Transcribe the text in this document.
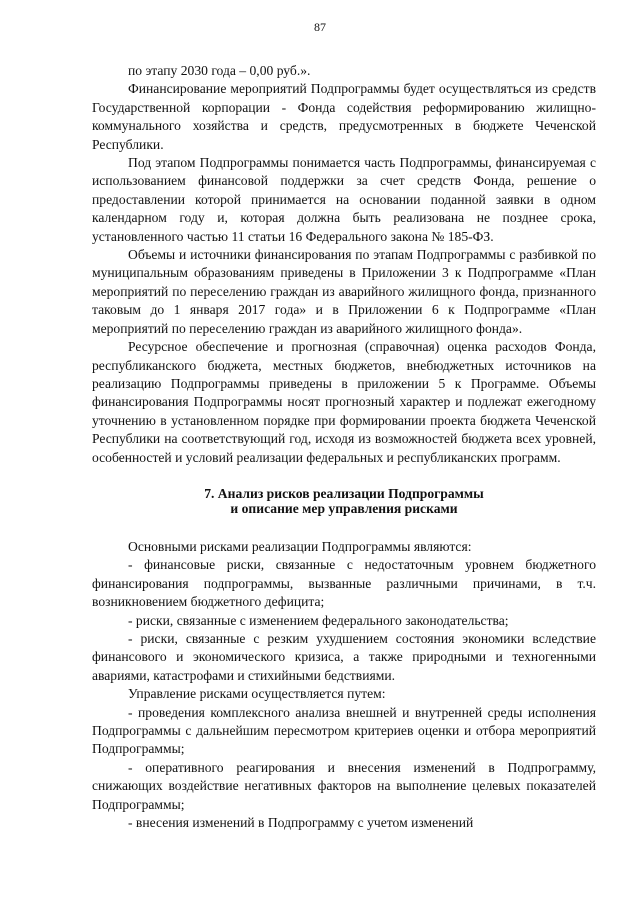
87

по этапу 2030 года – 0,00 руб.».

Финансирование мероприятий Подпрограммы будет осуществляться из средств Государственной корпорации - Фонда содействия реформированию жилищно-коммунального хозяйства и средств, предусмотренных в бюджете Чеченской Республики.

Под этапом Подпрограммы понимается часть Подпрограммы, финансируемая с использованием финансовой поддержки за счет средств Фонда, решение о предоставлении которой принимается на основании поданной заявки в одном календарном году и, которая должна быть реализована не позднее срока, установленного частью 11 статьи 16 Федерального закона № 185-ФЗ.

Объемы и источники финансирования по этапам Подпрограммы с разбивкой по муниципальным образованиям приведены в Приложении 3 к Подпрограмме «План мероприятий по переселению граждан из аварийного жилищного фонда, признанного таковым до 1 января 2017 года» и в Приложении 6 к Подпрограмме «План мероприятий по переселению граждан из аварийного жилищного фонда».

Ресурсное обеспечение и прогнозная (справочная) оценка расходов Фонда, республиканского бюджета, местных бюджетов, внебюджетных источников на реализацию Подпрограммы приведены в приложении 5 к Программе. Объемы финансирования Подпрограммы носят прогнозный характер и подлежат ежегодному уточнению в установленном порядке при формировании проекта бюджета Чеченской Республики на соответствующий год, исходя из возможностей бюджета всех уровней, особенностей и условий реализации федеральных и республиканских программ.

7. Анализ рисков реализации Подпрограммы
и описание мер управления рисками

Основными рисками реализации Подпрограммы являются:

- финансовые риски, связанные с недостаточным уровнем бюджетного финансирования подпрограммы, вызванные различными причинами, в т.ч. возникновением бюджетного дефицита;

- риски, связанные с изменением федерального законодательства;

- риски, связанные с резким ухудшением состояния экономики вследствие финансового и экономического кризиса, а также природными и техногенными авариями, катастрофами и стихийными бедствиями.

Управление рисками осуществляется путем:

- проведения комплексного анализа внешней и внутренней среды исполнения Подпрограммы с дальнейшим пересмотром критериев оценки и отбора мероприятий Подпрограммы;

- оперативного реагирования и внесения изменений в Подпрограмму, снижающих воздействие негативных факторов на выполнение целевых показателей Подпрограммы;

- внесения изменений в Подпрограмму с учетом изменений
